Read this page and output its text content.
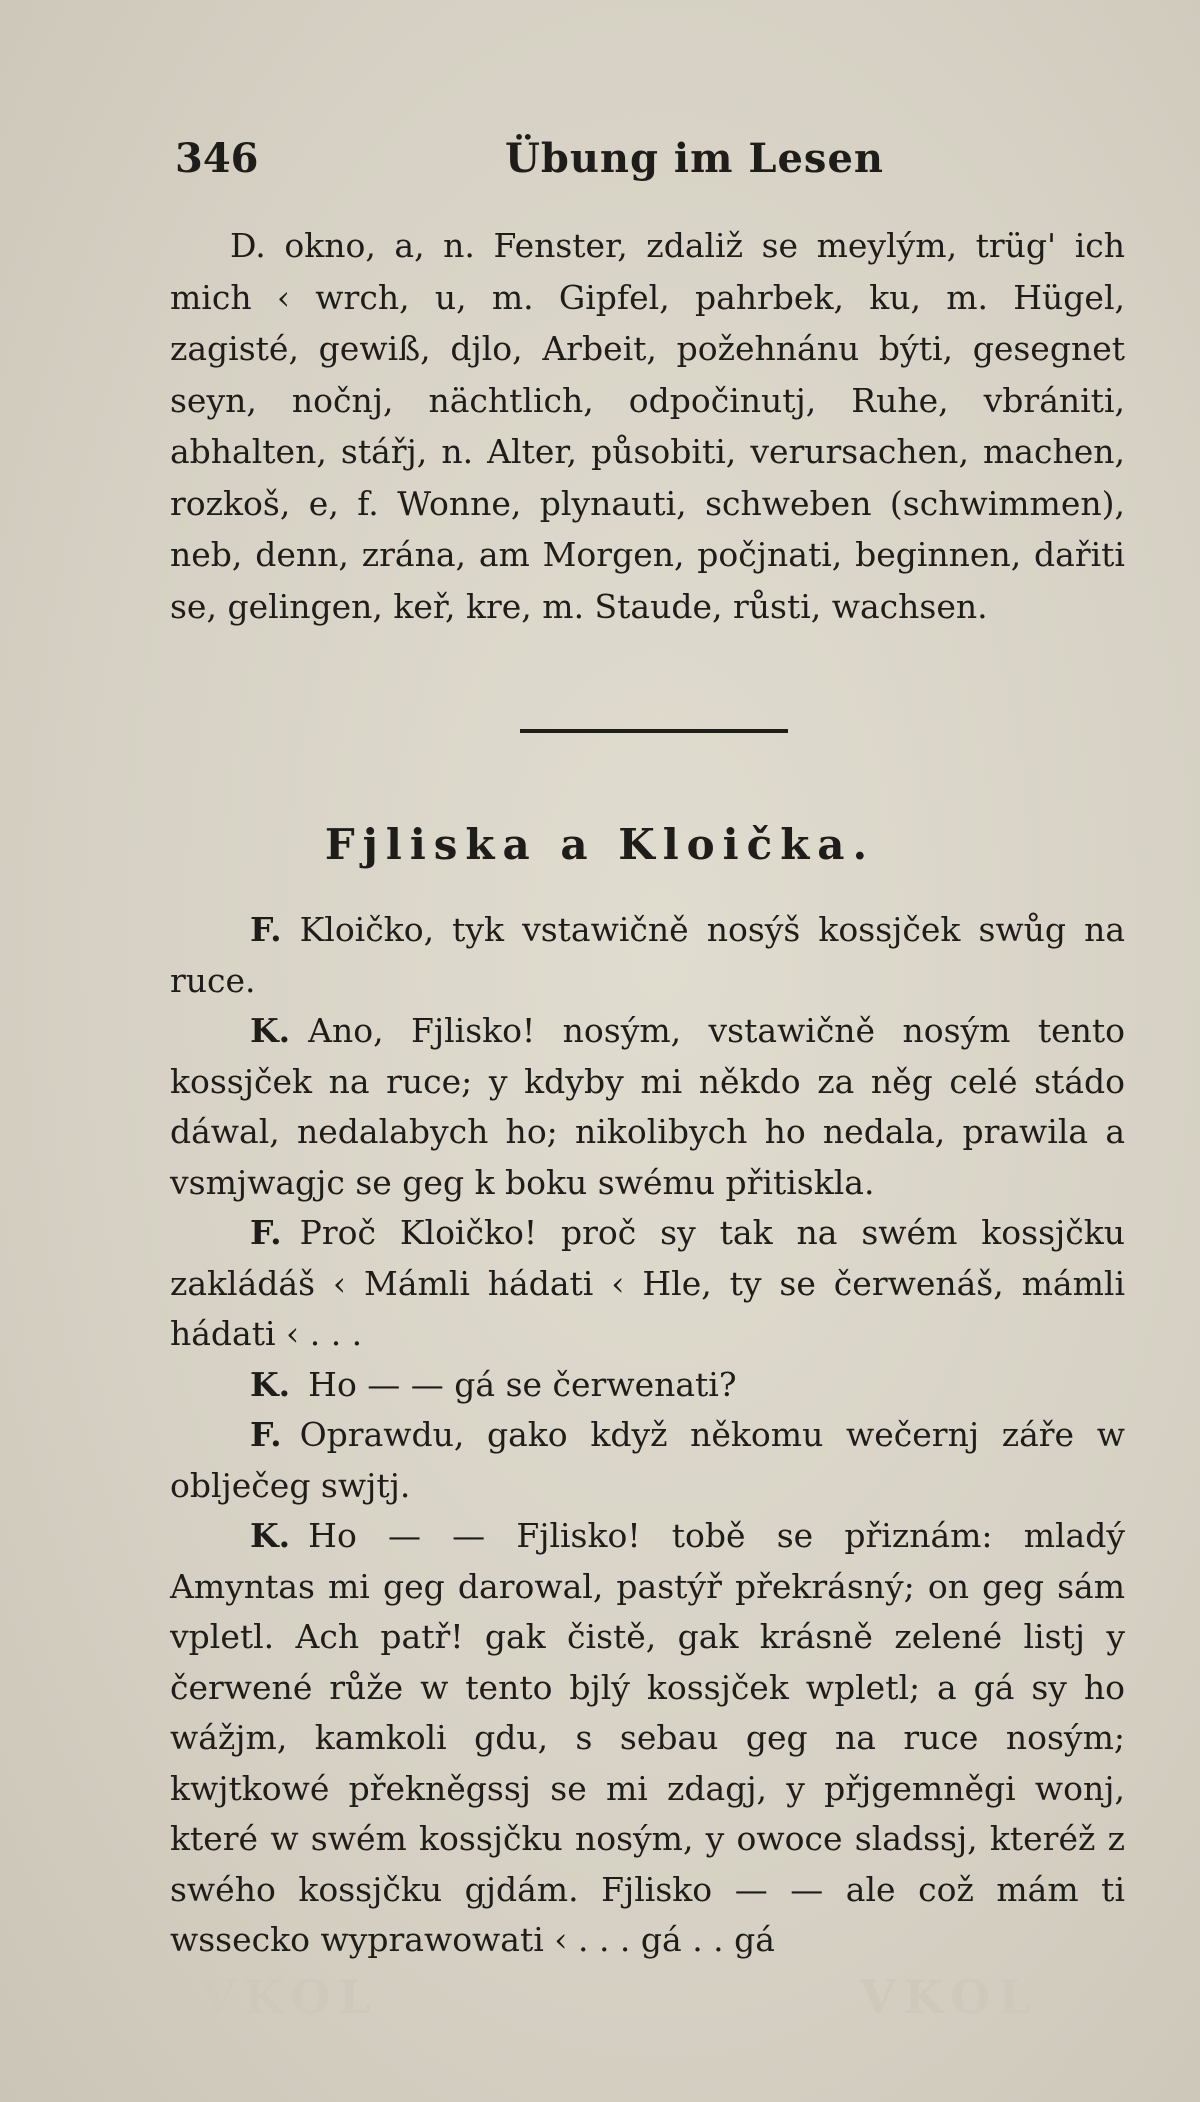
346	Übung im Lesen

D. okno, a, n. Fenster, zdaliž se meylým, trüg' ich mich ‹ wrch, u, m. Gipfel, pahrbek, ku, m. Hügel, zagisté, gewiß, djlo, Arbeit, požehnánu býti, gesegnet seyn, nočnj, nächtlich, odpočinutj, Ruhe, vbrániti, abhalten, stářj, n. Alter, působiti, verursachen, machen, rozkoš, e, f. Wonne, plynauti, schweben (schwimmen), neb, denn, zrána, am Morgen, počjnati, beginnen, dařiti se, gelingen, keř, kre, m. Staude, růsti, wachsen.

Fjliska a Kloička.

F. Kloičko, tyk vstawičně nosýš kossjček swůg na ruce.

K. Ano, Fjlisko! nosým, vstawičně nosým tento kossjček na ruce; y kdyby mi někdo za něg celé stádo dáwal, nedalabych ho; nikolibych ho nedala, prawila a vsmjwagjc se geg k boku swému přitiskla.

F. Proč Kloičko! proč sy tak na swém kossjčku zakládáš ‹ Mámli hádati ‹ Hle, ty se čerwenáš, mámli hádati ‹ . . .

K. Ho — — gá se čerwenati?

F. Oprawdu, gako když někomu wečernj záře w oblječeg swjtj.

K. Ho — — Fjlisko! tobě se přiznám: mladý Amyntas mi geg darowal, pastýř překrásný; on geg sám vpletl. Ach patř! gak čistě, gak krásně zelené listj y čerwené růže w tento bjlý kossjček wpletl; a gá sy ho wážjm, kamkoli gdu, s sebau geg na ruce nosým; kwjtkowé překněgssj se mi zdagj, y přjgemněgi wonj, které w swém kossjčku nosým, y owoce sladssj, kteréž z swého kossjčku gjdám. Fjlisko — — ale což mám ti wssecko wyprawowati ‹ . . . gá . . gá

VKOL	VKOL
